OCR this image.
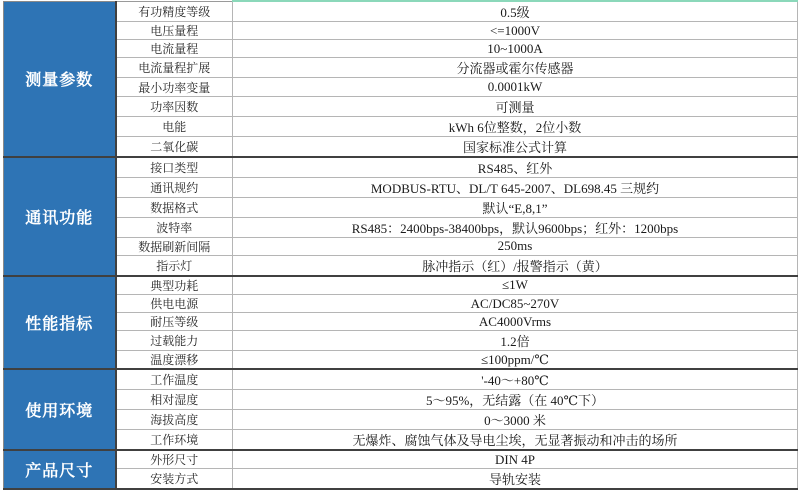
测量参数	有功精度等级	0.5级
	电压量程	<=1000V
	电流量程	10~1000A
	电流量程扩展	分流器或霍尔传感器
	最小功率变量	0.0001kW
	功率因数	可测量
	电能	kWh 6位整数，2位小数
	二氧化碳	国家标准公式计算
通讯功能	接口类型	RS485、红外
	通讯规约	MODBUS-RTU、DL/T 645-2007、DL698.45 三规约
	数据格式	默认“E,8,1”
	波特率	RS485：2400bps-38400bps，默认9600bps；红外：1200bps
	数据刷新间隔	250ms
	指示灯	脉冲指示（红）/报警指示（黄）
性能指标	典型功耗	≤1W
	供电电源	AC/DC85~270V
	耐压等级	AC4000Vrms
	过载能力	1.2倍
	温度漂移	≤100ppm/℃
使用环境	工作温度	'-40～+80℃
	相对湿度	5～95%，无结露（在 40℃下）
	海拔高度	0～3000 米
	工作环境	无爆炸、腐蚀气体及导电尘埃，无显著振动和冲击的场所
产品尺寸	外形尺寸	DIN 4P
	安装方式	导轨安装
